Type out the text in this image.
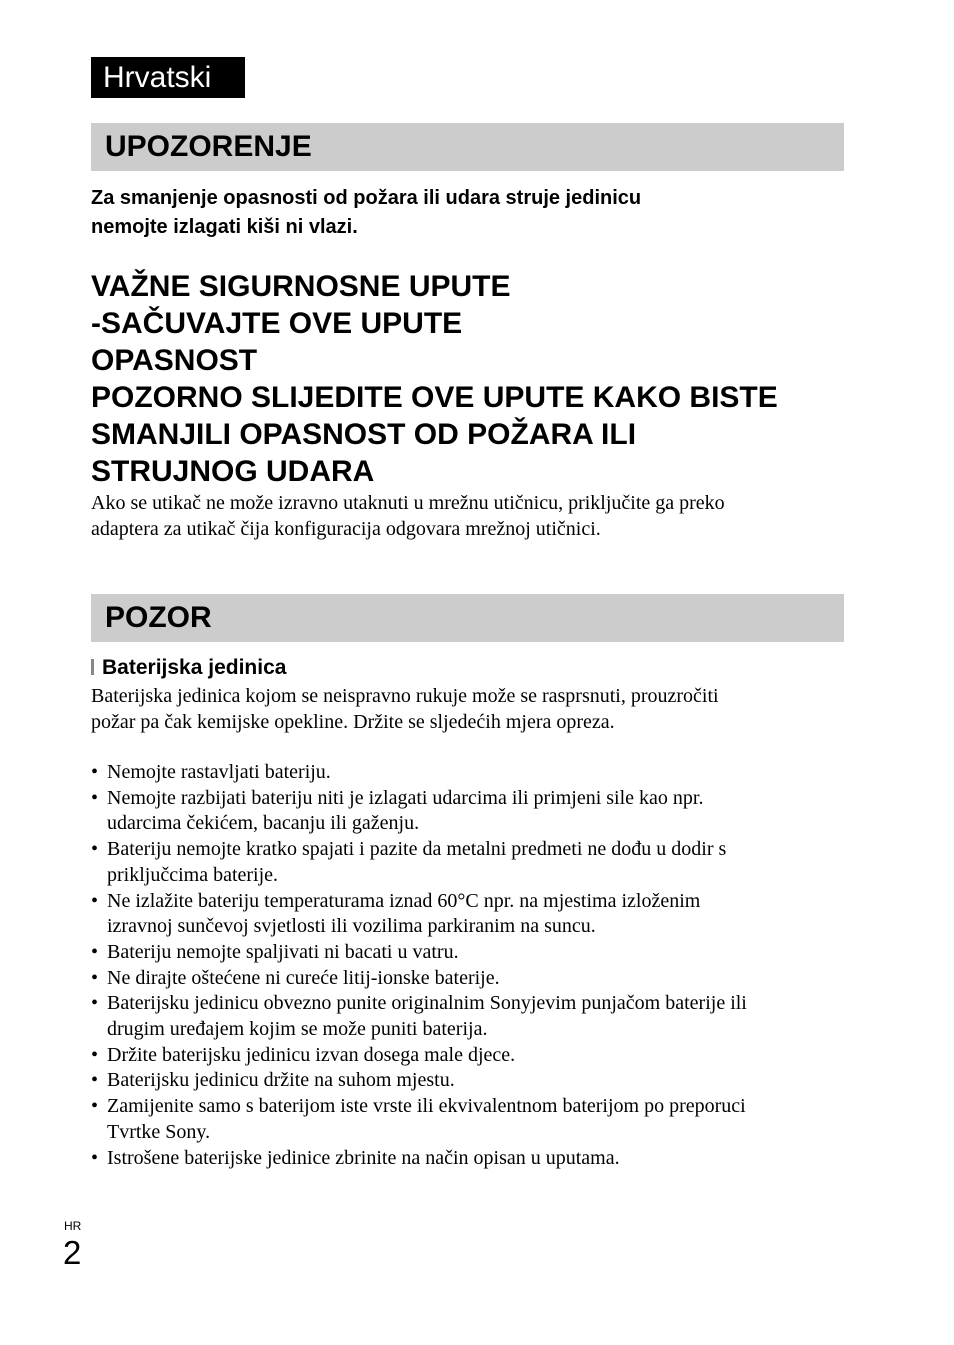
Hrvatski
UPOZORENJE
Za smanjenje opasnosti od požara ili udara struje jedinicu
nemojte izlagati kiši ni vlazi.
VAŽNE SIGURNOSNE UPUTE
-SAČUVAJTE OVE UPUTE
OPASNOST
POZORNO SLIJEDITE OVE UPUTE KAKO BISTE
SMANJILI OPASNOST OD POŽARA ILI
STRUJNOG UDARA
Ako se utikač ne može izravno utaknuti u mrežnu utičnicu, priključite ga preko
adaptera za utikač čija konfiguracija odgovara mrežnoj utičnici.
POZOR
Baterijska jedinica
Baterijska jedinica kojom se neispravno rukuje može se rasprsnuti, prouzročiti
požar pa čak kemijske opekline. Držite se sljedećih mjera opreza.
• Nemojte rastavljati bateriju.
• Nemojte razbijati bateriju niti je izlagati udarcima ili primjeni sile kao npr.
udarcima čekićem, bacanju ili gaženju.
• Bateriju nemojte kratko spajati i pazite da metalni predmeti ne dođu u dodir s
priključcima baterije.
• Ne izlažite bateriju temperaturama iznad 60°C npr. na mjestima izloženim
izravnoj sunčevoj svjetlosti ili vozilima parkiranim na suncu.
• Bateriju nemojte spaljivati ni bacati u vatru.
• Ne dirajte oštećene ni cureće litij-ionske baterije.
• Baterijsku jedinicu obvezno punite originalnim Sonyjevim punjačom baterije ili
drugim uređajem kojim se može puniti baterija.
• Držite baterijsku jedinicu izvan dosega male djece.
• Baterijsku jedinicu držite na suhom mjestu.
• Zamijenite samo s baterijom iste vrste ili ekvivalentnom baterijom po preporuci
Tvrtke Sony.
• Istrošene baterijske jedinice zbrinite na način opisan u uputama.
HR
2
